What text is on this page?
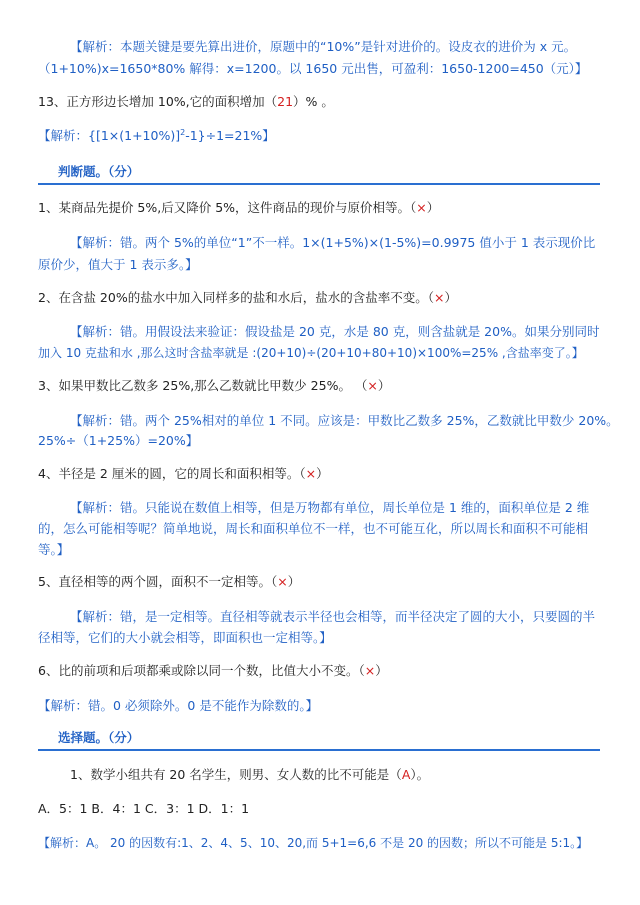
【解析：本题关键是要先算出进价，原题中的“10%”是针对进价的。设皮衣的进价为 x 元。
（1+10%)x=1650*80% 解得：x=1200。以 1650 元出售，可盈利：1650-1200=450（元）】
13、正方形边长增加 10%,它的面积增加（21）% 。
【解析：$\{[1\times(1+10\%)]^2-1\}\div 1=21\%$】
判断题。（分）
1、某商品先提价 5%,后又降价 5%，这件商品的现价与原价相等。（×）
【解析：错。两个 5%的单位“1”不一样。1×(1+5%)×(1-5%)=0.9975 值小于 1 表示现价比
原价少，值大于 1 表示多。】
2、在含盐 20%的盐水中加入同样多的盐和水后，盐水的含盐率不变。（×）
【解析：错。用假设法来验证：假设盐是 20 克，水是 80 克，则含盐就是 20%。如果分别同时
加入 10 克盐和水 ,那么这时含盐率就是 :(20+10)÷(20+10+80+10)×100%=25% ,含盐率变了。】
3、如果甲数比乙数多 25%,那么乙数就比甲数少 25%。 （×）
【解析：错。两个 25%相对的单位 1 不同。应该是：甲数比乙数多 25%，乙数就比甲数少 20%。
25%÷（1+25%）=20%】
4、半径是 2 厘米的圆，它的周长和面积相等。（×）
【解析：错。只能说在数值上相等，但是万物都有单位，周长单位是 1 维的，面积单位是 2 维
的，怎么可能相等呢？简单地说，周长和面积单位不一样，也不可能互化，所以周长和面积不可能相
等。】
5、直径相等的两个圆，面积不一定相等。（×）
【解析：错，是一定相等。直径相等就表示半径也会相等，而半径决定了圆的大小，只要圆的半
径相等，它们的大小就会相等，即面积也一定相等。】
6、比的前项和后项都乘或除以同一个数，比值大小不变。（×）
【解析：错。0 必须除外。0 是不能作为除数的。】
选择题。（分）
1、数学小组共有 20 名学生，则男、女人数的比不可能是（A）。
A．5：1 B．4：1 C．3：1 D．1：1
【解析：A。 20 的因数有:1、2、4、5、10、20,而 5+1=6,6 不是 20 的因数；所以不可能是 5:1。】
